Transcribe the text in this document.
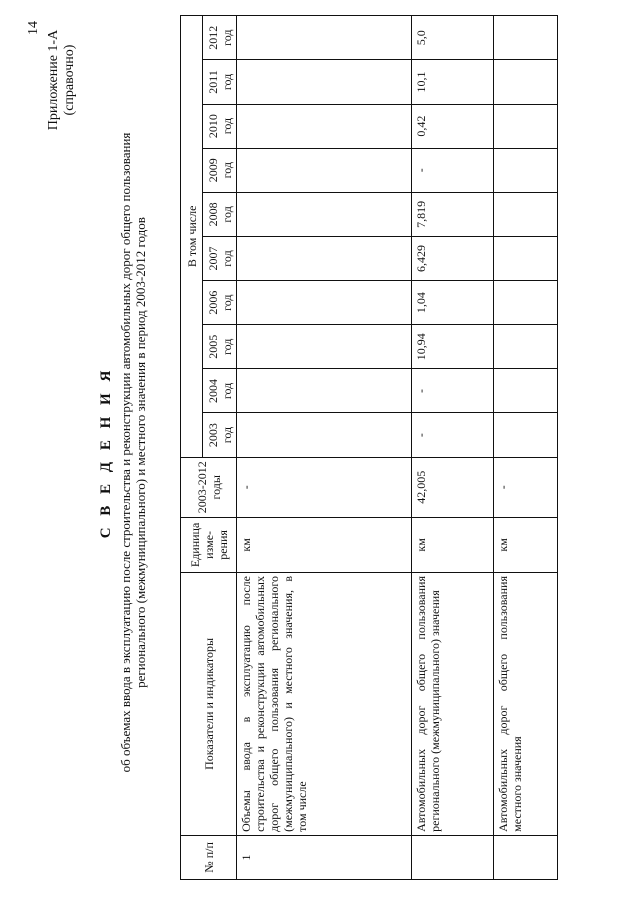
14
Приложение 1-А (справочно)
С В Е Д Е Н И Я об объемах ввода в эксплуатацию после строительства и реконструкции автомобильных дорог общего пользования регионального (межмуниципального) и местного значения в период 2003-2012 годов
№ п/п	Показатели и индикаторы	Единица изме-рения	2003-2012 годы	В том числе									
				2003 год	2004 год	2005 год	2006 год	2007 год	2008 год	2009 год	2010 год	2011 год	2012 год
1	Объемы ввода в эксплуатацию после строительства и реконструкции автомобильных дорог общего пользования регионального (межмуниципального) и местного значения, в том числе	км	-										
	Автомобильных дорог общего пользования регионального (межмуниципального) значения	км	42,005	-	-	10,94	1,04	6,429	7,819	-	0,42	10,1	5,0
	Автомобильных дорог общего пользования местного значения	км	-										
